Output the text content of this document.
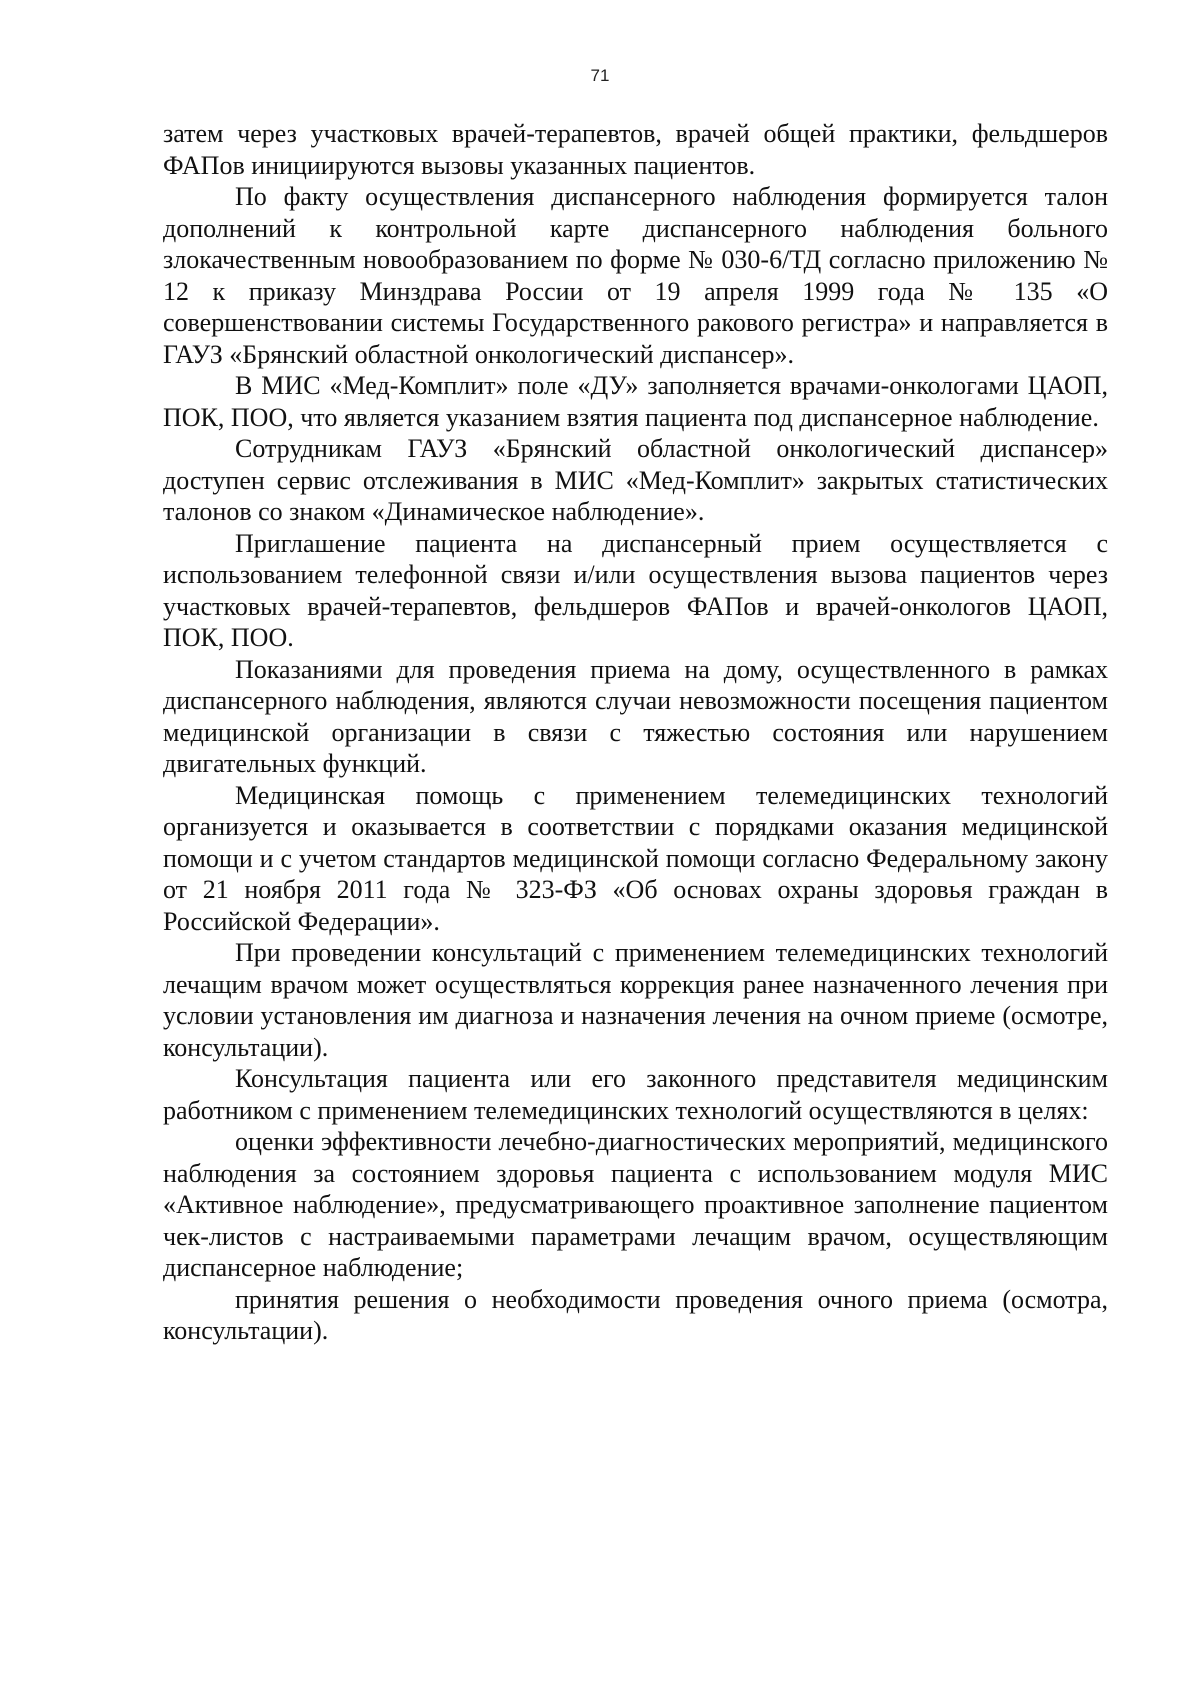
71

затем через участковых врачей-терапевтов, врачей общей практики, фельдшеров ФАПов инициируются вызовы указанных пациентов.

По факту осуществления диспансерного наблюдения формируется талон дополнений к контрольной карте диспансерного наблюдения больного злокачественным новообразованием по форме № 030-6/ТД согласно приложению № 12 к приказу Минздрава России от 19 апреля 1999 года № 135 «О совершенствовании системы Государственного ракового регистра» и направляется в ГАУЗ «Брянский областной онкологический диспансер».

В МИС «Мед-Комплит» поле «ДУ» заполняется врачами-онкологами ЦАОП, ПОК, ПОО, что является указанием взятия пациента под диспансерное наблюдение.

Сотрудникам ГАУЗ «Брянский областной онкологический диспансер» доступен сервис отслеживания в МИС «Мед-Комплит» закрытых статистических талонов со знаком «Динамическое наблюдение».

Приглашение пациента на диспансерный прием осуществляется с использованием телефонной связи и/или осуществления вызова пациентов через участковых врачей-терапевтов, фельдшеров ФАПов и врачей-онкологов ЦАОП, ПОК, ПОО.

Показаниями для проведения приема на дому, осуществленного в рамках диспансерного наблюдения, являются случаи невозможности посещения пациентом медицинской организации в связи с тяжестью состояния или нарушением двигательных функций.

Медицинская помощь с применением телемедицинских технологий организуется и оказывается в соответствии с порядками оказания медицинской помощи и с учетом стандартов медицинской помощи согласно Федеральному закону от 21 ноября 2011 года № 323-ФЗ «Об основах охраны здоровья граждан в Российской Федерации».

При проведении консультаций с применением телемедицинских технологий лечащим врачом может осуществляться коррекция ранее назначенного лечения при условии установления им диагноза и назначения лечения на очном приеме (осмотре, консультации).

Консультация пациента или его законного представителя медицинским работником с применением телемедицинских технологий осуществляются в целях:

оценки эффективности лечебно-диагностических мероприятий, медицинского наблюдения за состоянием здоровья пациента с использованием модуля МИС «Активное наблюдение», предусматривающего проактивное заполнение пациентом чек-листов с настраиваемыми параметрами лечащим врачом, осуществляющим диспансерное наблюдение;

принятия решения о необходимости проведения очного приема (осмотра, консультации).
